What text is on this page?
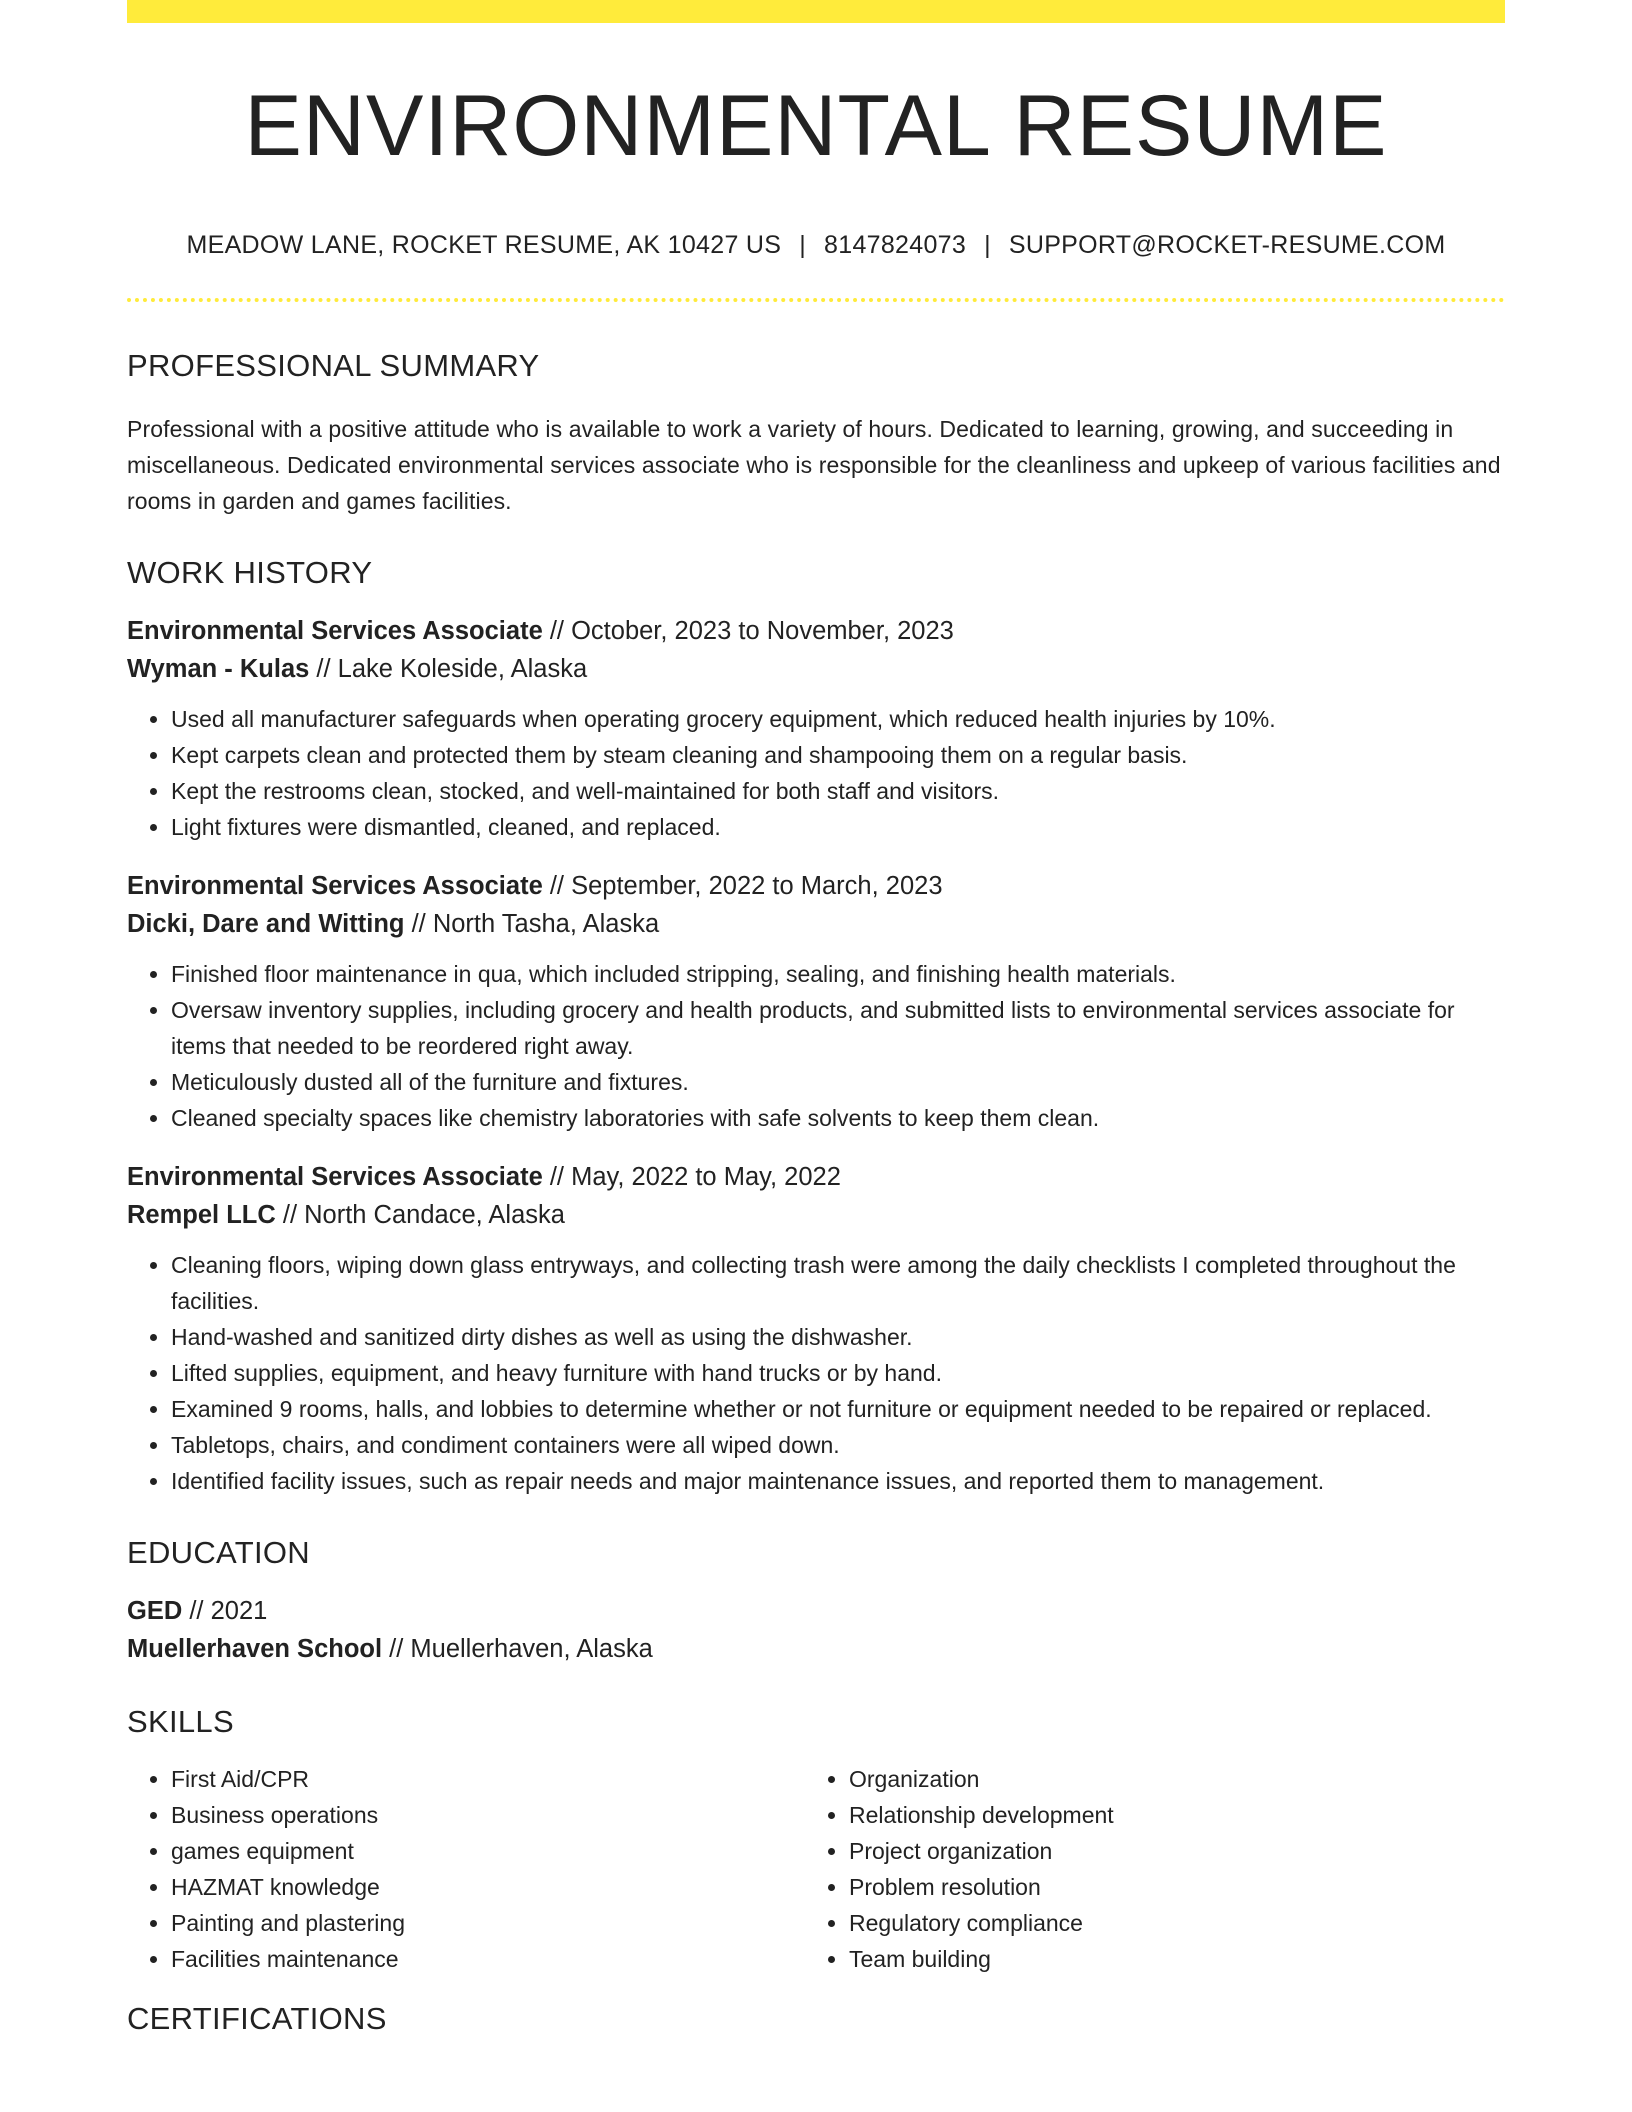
ENVIRONMENTAL RESUME
MEADOW LANE, ROCKET RESUME, AK 10427 US | 8147824073 | SUPPORT@ROCKET-RESUME.COM
PROFESSIONAL SUMMARY
Professional with a positive attitude who is available to work a variety of hours. Dedicated to learning, growing, and succeeding in miscellaneous. Dedicated environmental services associate who is responsible for the cleanliness and upkeep of various facilities and rooms in garden and games facilities.
WORK HISTORY
Environmental Services Associate // October, 2023 to November, 2023
Wyman - Kulas // Lake Koleside, Alaska
• Used all manufacturer safeguards when operating grocery equipment, which reduced health injuries by 10%.
• Kept carpets clean and protected them by steam cleaning and shampooing them on a regular basis.
• Kept the restrooms clean, stocked, and well-maintained for both staff and visitors.
• Light fixtures were dismantled, cleaned, and replaced.
Environmental Services Associate // September, 2022 to March, 2023
Dicki, Dare and Witting // North Tasha, Alaska
• Finished floor maintenance in qua, which included stripping, sealing, and finishing health materials.
• Oversaw inventory supplies, including grocery and health products, and submitted lists to environmental services associate for items that needed to be reordered right away.
• Meticulously dusted all of the furniture and fixtures.
• Cleaned specialty spaces like chemistry laboratories with safe solvents to keep them clean.
Environmental Services Associate // May, 2022 to May, 2022
Rempel LLC // North Candace, Alaska
• Cleaning floors, wiping down glass entryways, and collecting trash were among the daily checklists I completed throughout the facilities.
• Hand-washed and sanitized dirty dishes as well as using the dishwasher.
• Lifted supplies, equipment, and heavy furniture with hand trucks or by hand.
• Examined 9 rooms, halls, and lobbies to determine whether or not furniture or equipment needed to be repaired or replaced.
• Tabletops, chairs, and condiment containers were all wiped down.
• Identified facility issues, such as repair needs and major maintenance issues, and reported them to management.
EDUCATION
GED // 2021
Muellerhaven School // Muellerhaven, Alaska
SKILLS
• First Aid/CPR
• Business operations
• games equipment
• HAZMAT knowledge
• Painting and plastering
• Facilities maintenance
• Organization
• Relationship development
• Project organization
• Problem resolution
• Regulatory compliance
• Team building
CERTIFICATIONS
